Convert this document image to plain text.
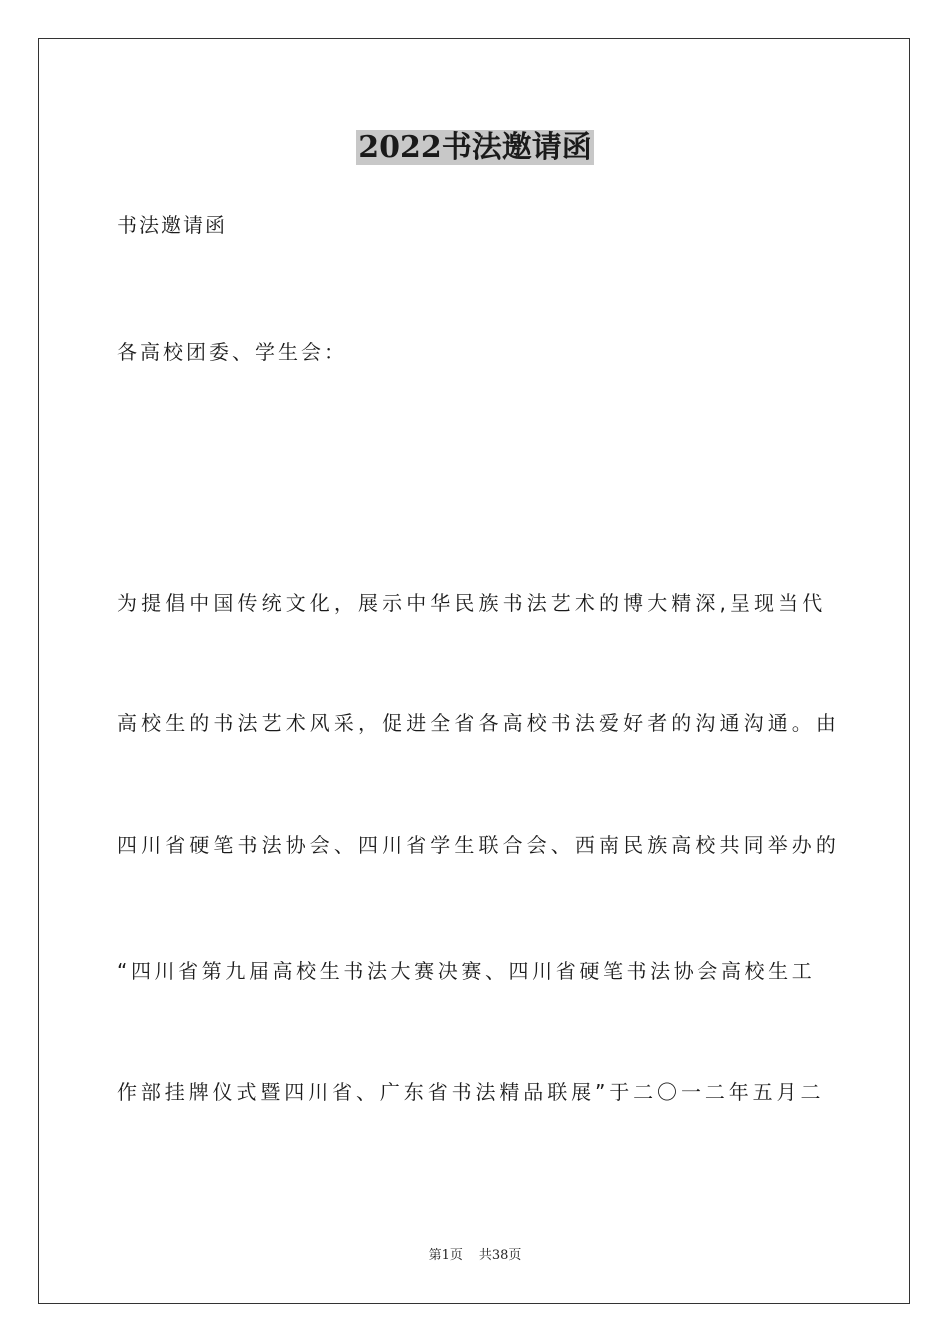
2022书法邀请函

书法邀请函

各高校团委、学生会：

为提倡中国传统文化，展示中华民族书法艺术的博大精深,呈现当代

高校生的书法艺术风采，促进全省各高校书法爱好者的沟通沟通。由

四川省硬笔书法协会、四川省学生联合会、西南民族高校共同举办的

“四川省第九届高校生书法大赛决赛、四川省硬笔书法协会高校生工

作部挂牌仪式暨四川省、广东省书法精品联展”于二〇一二年五月二

第1页 共38页
